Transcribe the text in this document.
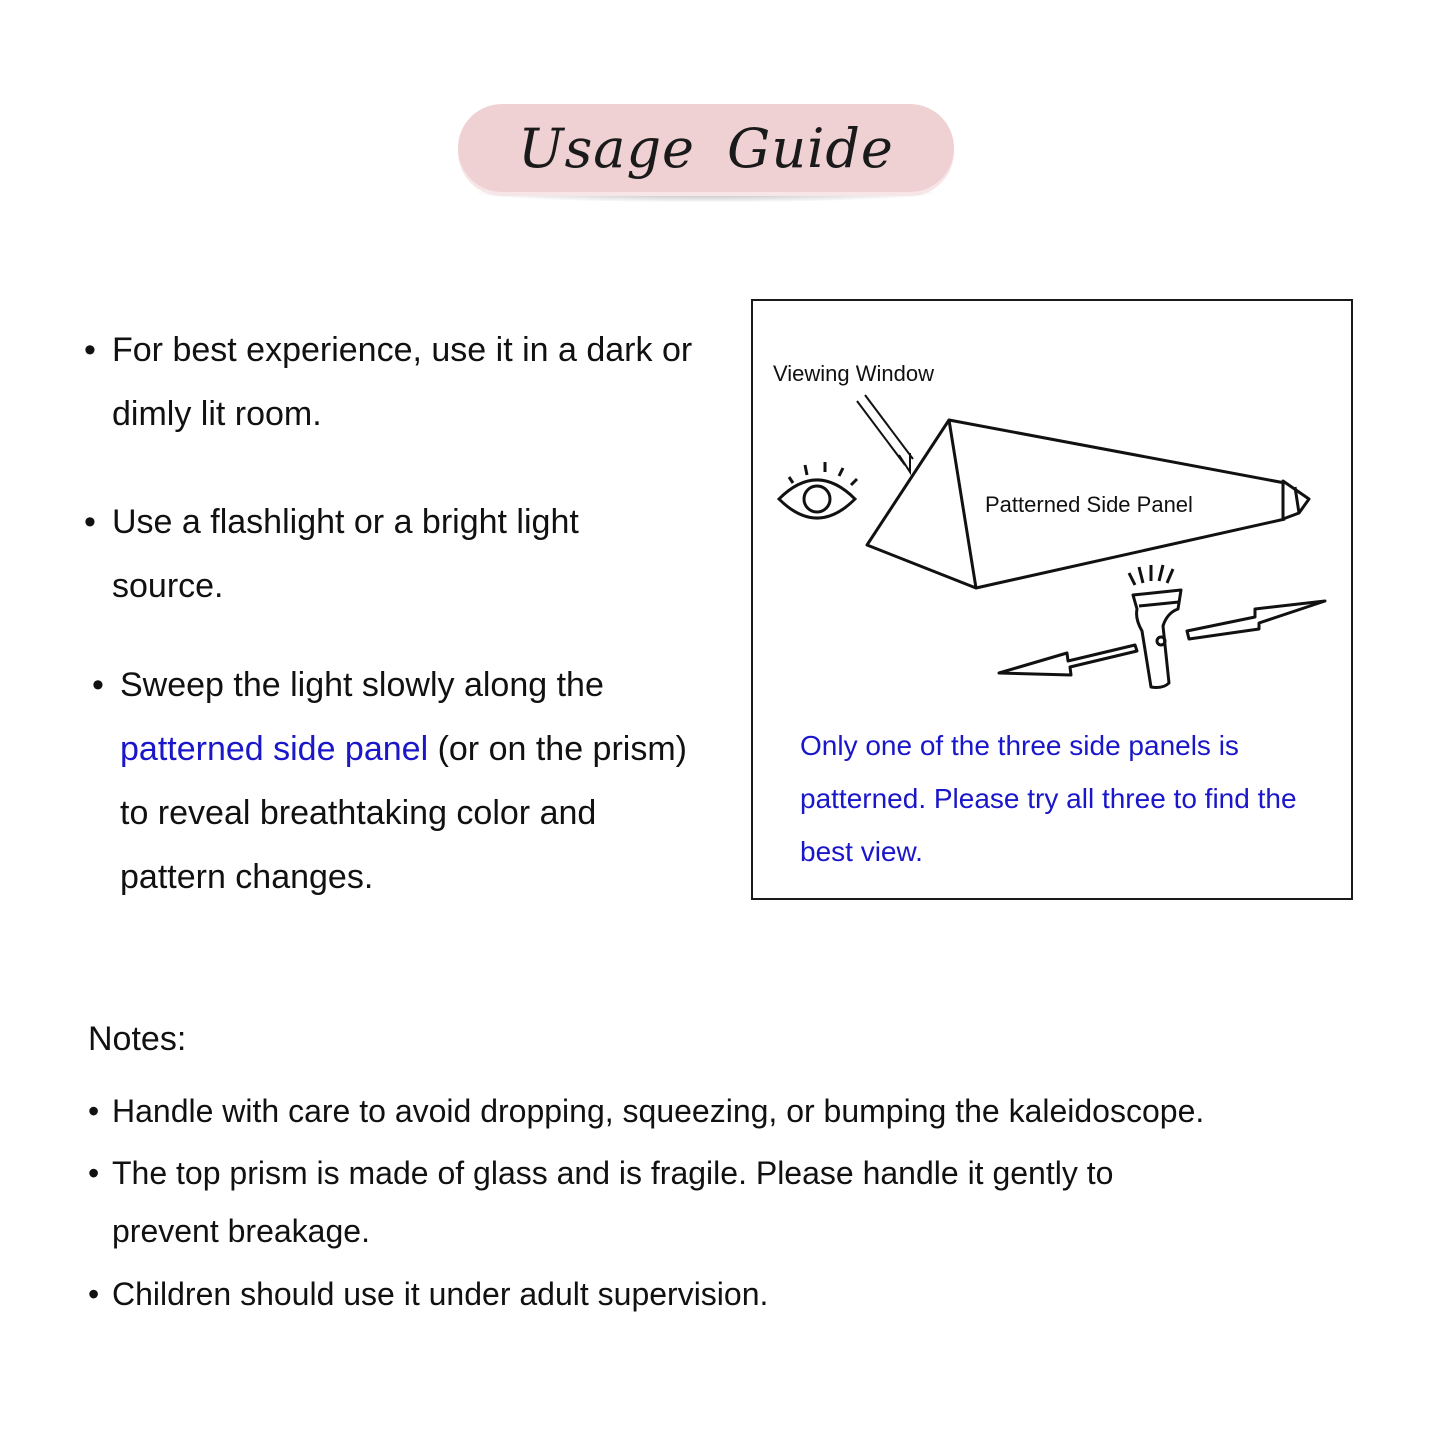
Usage Guide
• For best experience, use it in a dark or dimly lit room.
• Use a flashlight or a bright light source.
• Sweep the light slowly along the patterned side panel (or on the prism) to reveal breathtaking color and pattern changes.
Viewing Window
Patterned Side Panel
Only one of the three side panels is patterned. Please try all three to find the best view.
Notes:
• Handle with care to avoid dropping, squeezing, or bumping the kaleidoscope.
• The top prism is made of glass and is fragile. Please handle it gently to prevent breakage.
• Children should use it under adult supervision.
